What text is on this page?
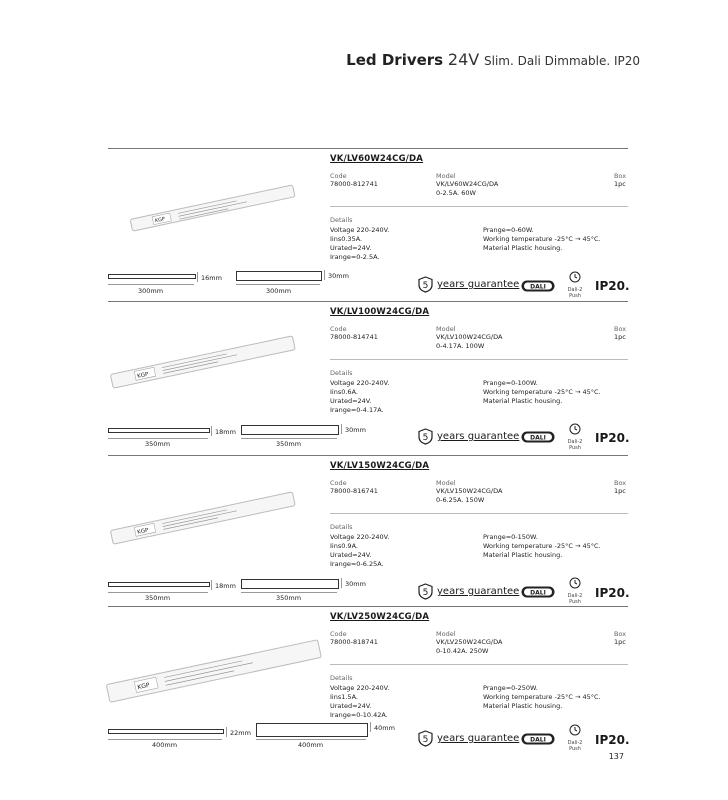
Led Drivers 24V Slim. Dali Dimmable. IP20
VK/LV60W24CG/DA
Code
78000-812741
Model
VK/LV60W24CG/DA
0-2.5A. 60W
Box
1pc
Details
Voltage 220-240V.
Iins0.35A.
Urated=24V.
Irange=0-2.5A.
Prange=0-60W.
Working temperature -25°C → 45°C.
Material Plastic housing.
KGP
16mm
300mm
30mm
300mm	5 years guarantee DALI	Dali-2
Push
IP20.
VK/LV100W24CG/DA
Code
78000-814741
Model
VK/LV100W24CG/DA
0-4.17A. 100W
Box
1pc
Details
Voltage 220-240V.
Iins0.6A.
Urated=24V.
Irange=0-4.17A.
Prange=0-100W.
Working temperature -25°C → 45°C.
Material Plastic housing.
KGP
18mm
350mm
30mm
350mm
5 years guarantee DALI
Dali-2
Push
IP20.
VK/LV150W24CG/DA
Code
78000-816741
Model
VK/LV150W24CG/DA
0-6.25A. 150W
Box
1pc
Details
Voltage 220-240V.
Iins0.9A.
Urated=24V.
Irange=0-6.25A.
Prange=0-150W.
Working temperature -25°C → 45°C.
Material Plastic housing.
KGP
18mm
350mm
30mm
350mm	5 years guarantee DALI	Dali-2
Push
IP20.
VK/LV250W24CG/DA
Code
78000-818741
Model
VK/LV250W24CG/DA
0-10.42A. 250W
Box
1pc
Details
Voltage 220-240V.
Iins1.5A.
Urated=24V.
Irange=0-10.42A.
Prange=0-250W.
Working temperature -25°C → 45°C.
Material Plastic housing.
KGP
22mm
400mm
40mm
400mm	5 years guarantee DALI	Dali-2
Push
IP20.
137
